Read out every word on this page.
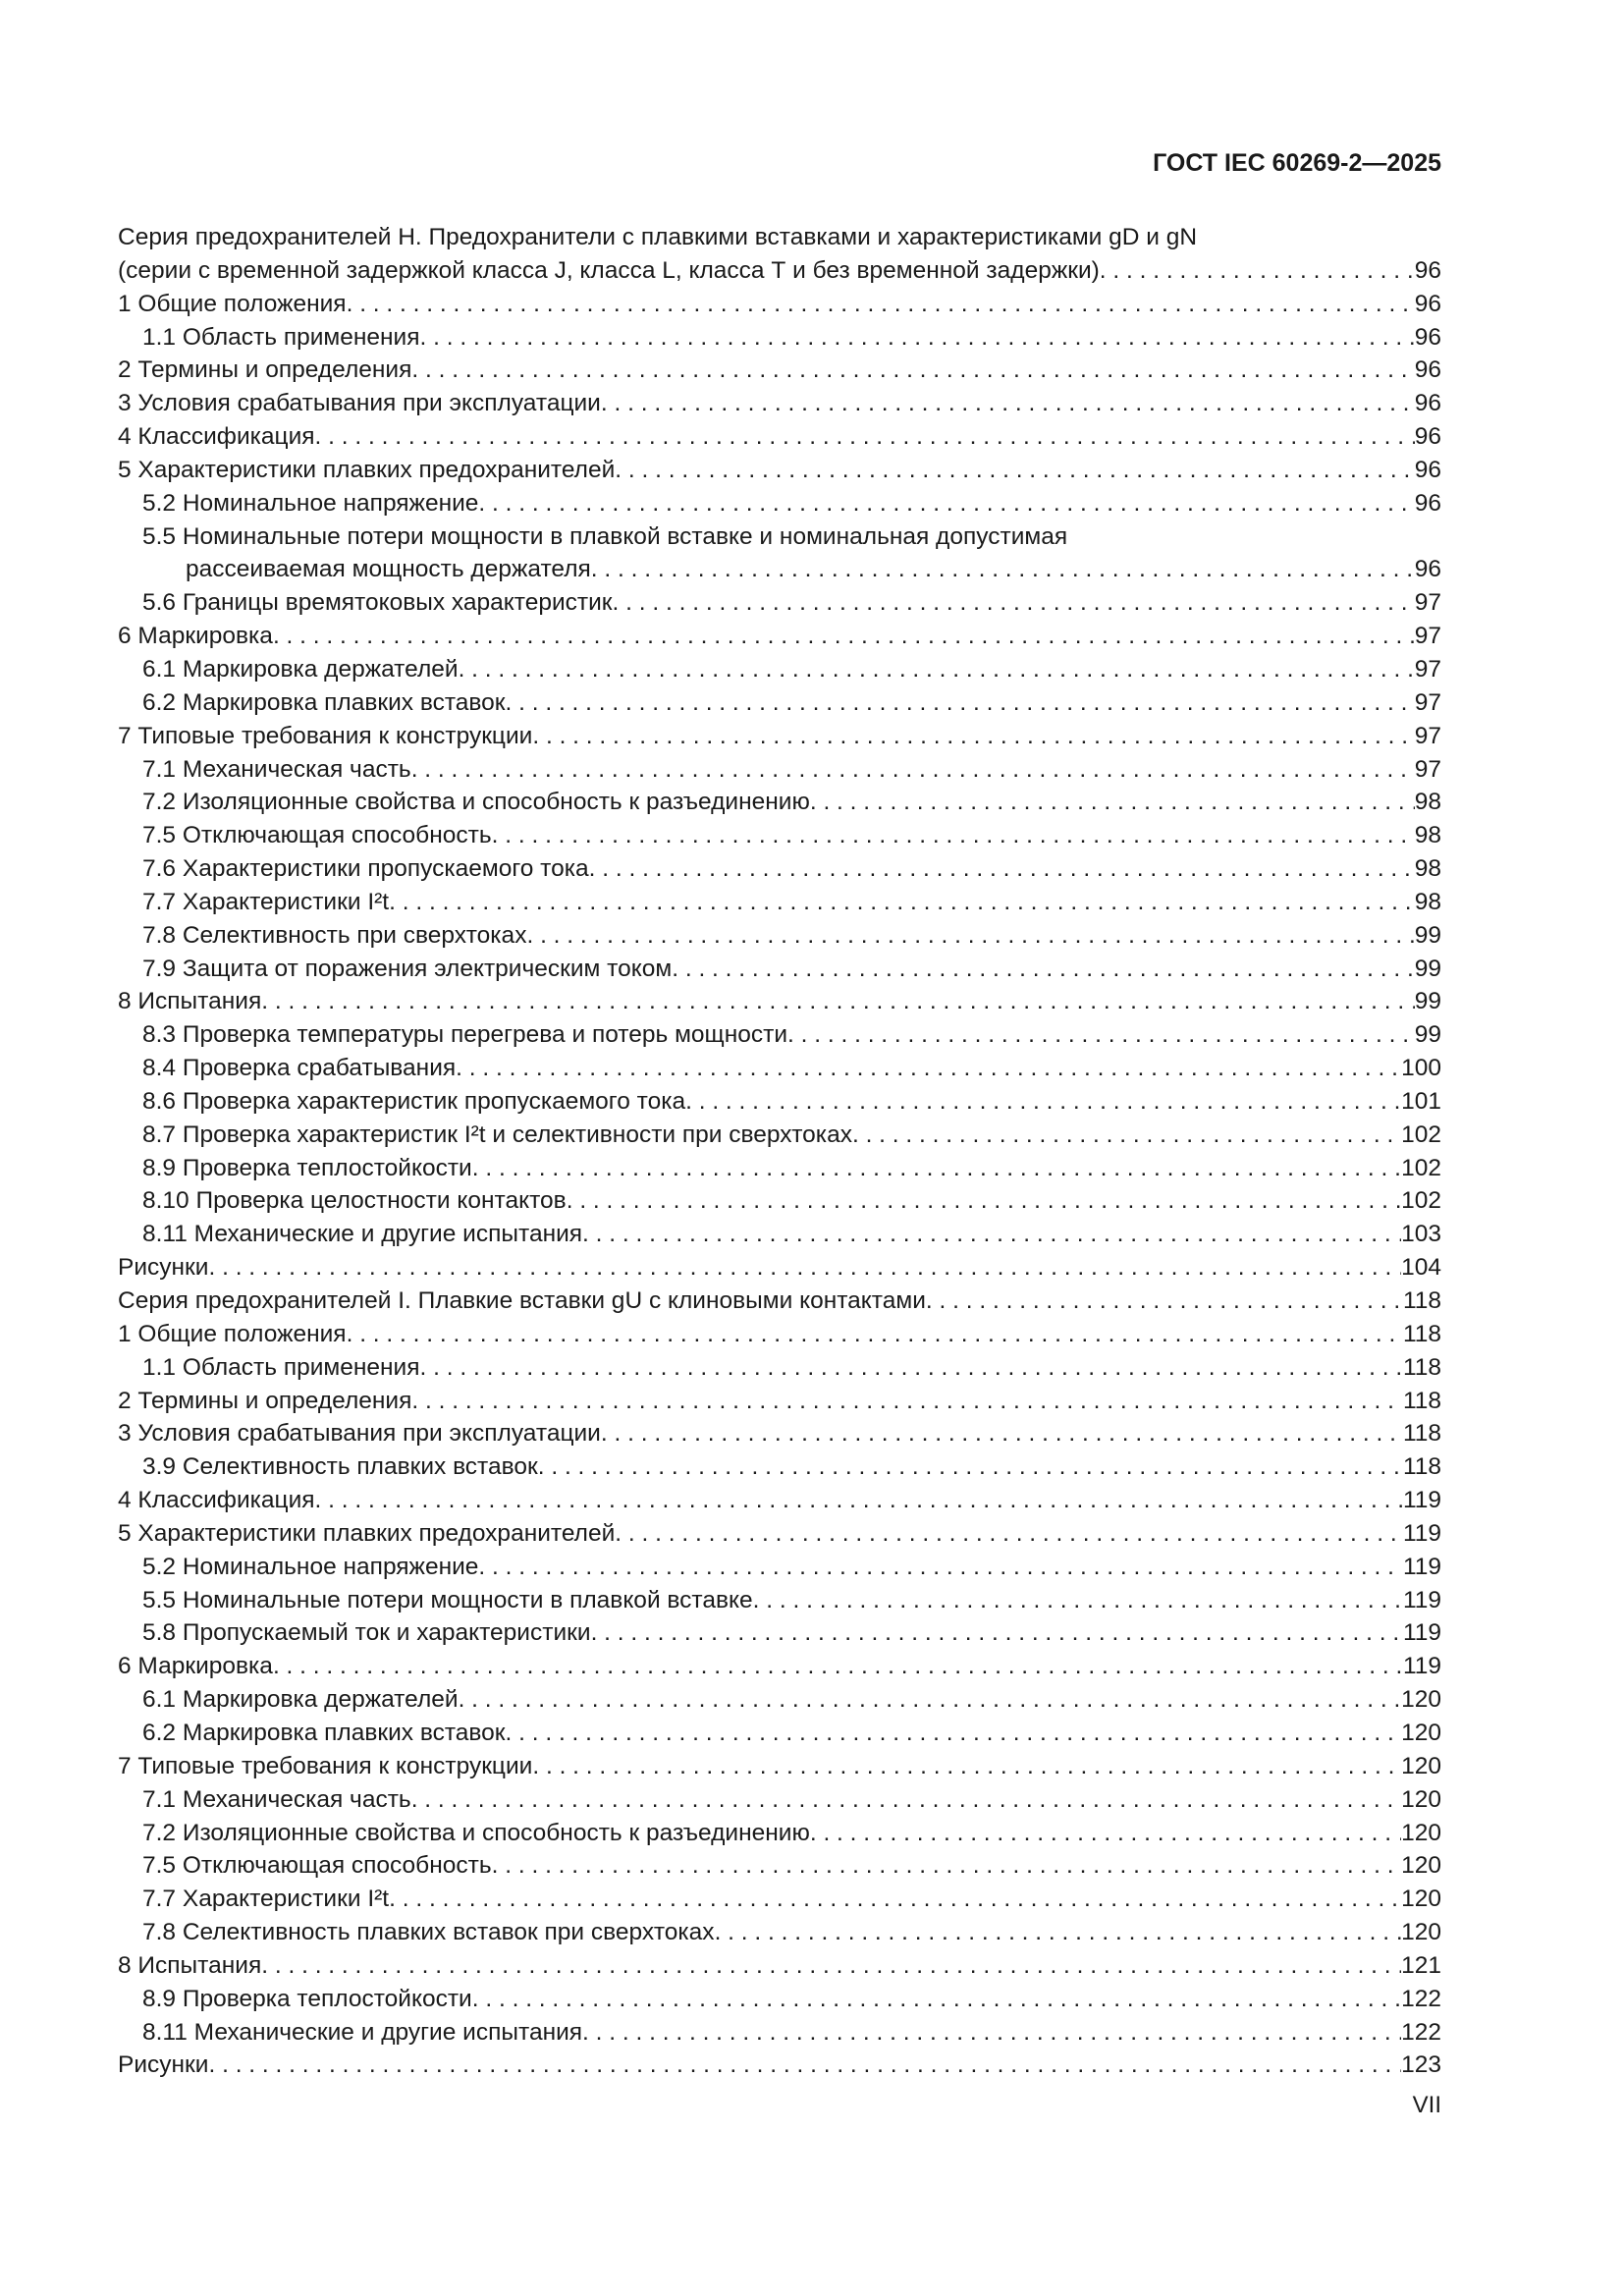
ГОСТ IEC 60269-2—2025
Серия предохранителей H. Предохранители с плавкими вставками и характеристиками gD и gN
(серии с временной задержкой класса J, класса L, класса Т и без временной задержки) . . .	96
1 Общие положения . . .	96
1.1 Область применения . . .	96
2 Термины и определения . . .	96
3 Условия срабатывания при эксплуатации . . .	96
4 Классификация . . .	96
5 Характеристики плавких предохранителей . . .	96
5.2 Номинальное напряжение . . .	96
5.5 Номинальные потери мощности в плавкой вставке и номинальная допустимая
рассеиваемая мощность держателя . . .	96
5.6 Границы времятоковых характеристик . . .	97
6 Маркировка . . .	97
6.1 Маркировка держателей . . .	97
6.2 Маркировка плавких вставок . . .	97
7 Типовые требования к конструкции . . .	97
7.1 Механическая часть . . .	97
7.2 Изоляционные свойства и способность к разъединению . . .	98
7.5 Отключающая способность . . .	98
7.6 Характеристики пропускаемого тока . . .	98
7.7 Характеристики I²t . . .	98
7.8 Селективность при сверхтоках . . .	99
7.9 Защита от поражения электрическим током . . .	99
8 Испытания . . .	99
8.3 Проверка температуры перегрева и потерь мощности . . .	99
8.4 Проверка срабатывания . . .	100
8.6 Проверка характеристик пропускаемого тока . . .	101
8.7 Проверка характеристик I²t и селективности при сверхтоках . . .	102
8.9 Проверка теплостойкости . . .	102
8.10 Проверка целостности контактов . . .	102
8.11 Механические и другие испытания . . .	103
Рисунки . . .	104
Серия предохранителей I. Плавкие вставки gU с клиновыми контактами . . .	118
1 Общие положения . . .	118
1.1 Область применения . . .	118
2 Термины и определения . . .	118
3 Условия срабатывания при эксплуатации . . .	118
3.9 Селективность плавких вставок . . .	118
4 Классификация . . .	119
5 Характеристики плавких предохранителей . . .	119
5.2 Номинальное напряжение . . .	119
5.5 Номинальные потери мощности в плавкой вставке . . .	119
5.8 Пропускаемый ток и характеристики . . .	119
6 Маркировка . . .	119
6.1 Маркировка держателей . . .	120
6.2 Маркировка плавких вставок . . .	120
7 Типовые требования к конструкции . . .	120
7.1 Механическая часть . . .	120
7.2 Изоляционные свойства и способность к разъединению . . .	120
7.5 Отключающая способность . . .	120
7.7 Характеристики I²t . . .	120
7.8 Селективность плавких вставок при сверхтоках . . .	120
8 Испытания . . .	121
8.9 Проверка теплостойкости . . .	122
8.11 Механические и другие испытания . . .	122
Рисунки . . .	123
VII
